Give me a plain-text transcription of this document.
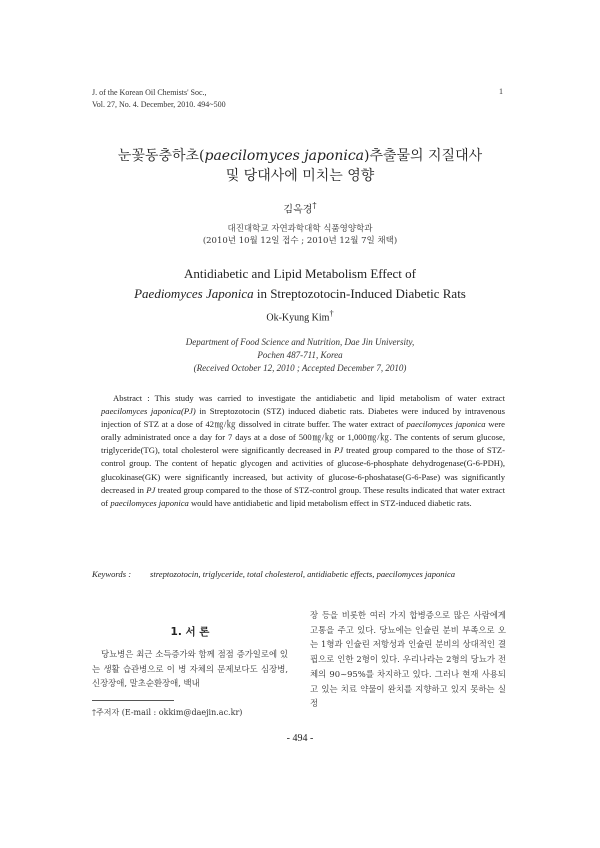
J. of the Korean Oil Chemists' Soc.,
Vol. 27, No. 4. December, 2010. 494~500
1
눈꽃동충하초(paecilomyces japonica)추출물의 지질대사
및 당대사에 미치는 영향
김옥경†
대진대학교 자연과학대학 식품영양학과
(2010년 10월 12일 접수 ; 2010년 12월 7일 채택)
Antidiabetic and Lipid Metabolism Effect of
Paediomyces Japonica in Streptozotocin-Induced Diabetic Rats
Ok-Kyung Kim†
Department of Food Science and Nutrition, Dae Jin University,
Pochen 487-711, Korea
(Received October 12, 2010 ; Accepted December 7, 2010)
Abstract : This study was carried to investigate the antidiabetic and lipid metabolism of water extract paecilomyces japonica(PJ) in Streptozotocin (STZ) induced diabetic rats. Diabetes were induced by intravenous injection of STZ at a dose of 42㎎/㎏ dissolved in citrate buffer. The water extract of paecilomyces japonica were orally administrated once a day for 7 days at a dose of 500㎎/㎏ or 1,000㎎/㎏. The contents of serum glucose, triglyceride(TG), total cholesterol were significantly decreased in PJ treated group compared to the those of STZ-control group. The content of hepatic glycogen and activities of glucose-6-phosphate dehydrogenase(G-6-PDH), glucokinase(GK) were significantly increased, but activity of glucose-6-phoshatase(G-6-Pase) was significantly decreased in PJ treated group compared to the those of STZ-control group. These results indicated that water extract of paecilomyces japonica would have antidiabetic and lipid metabolism effect in STZ-induced diabetic rats.
Keywords :	streptozotocin, triglyceride, total cholesterol, antidiabetic effects, paecilomyces japonica
1. 서 론
당뇨병은 최근 소득증가와 함께 점점 증가일로에 있는 생활 습관병으로 이 병 자체의 문제보다도 심장병, 신장장애, 말초순환장애, 백내
장 등을 비롯한 여러 가지 합병증으로 많은 사람에게 고통을 주고 있다. 당뇨에는 인슐린 분비 부족으로 오는 1형과 인슐린 저항성과 인슐린 분비의 상대적인 결핍으로 인한 2형이 있다. 우리나라는 2형의 당뇨가 전체의 90~95%를 차지하고 있다. 그러나 현재 사용되고 있는 치료 약물이 완치를 지향하고 있지 못하는 실정
†주저자 (E-mail : okkim@daejin.ac.kr)
- 494 -
